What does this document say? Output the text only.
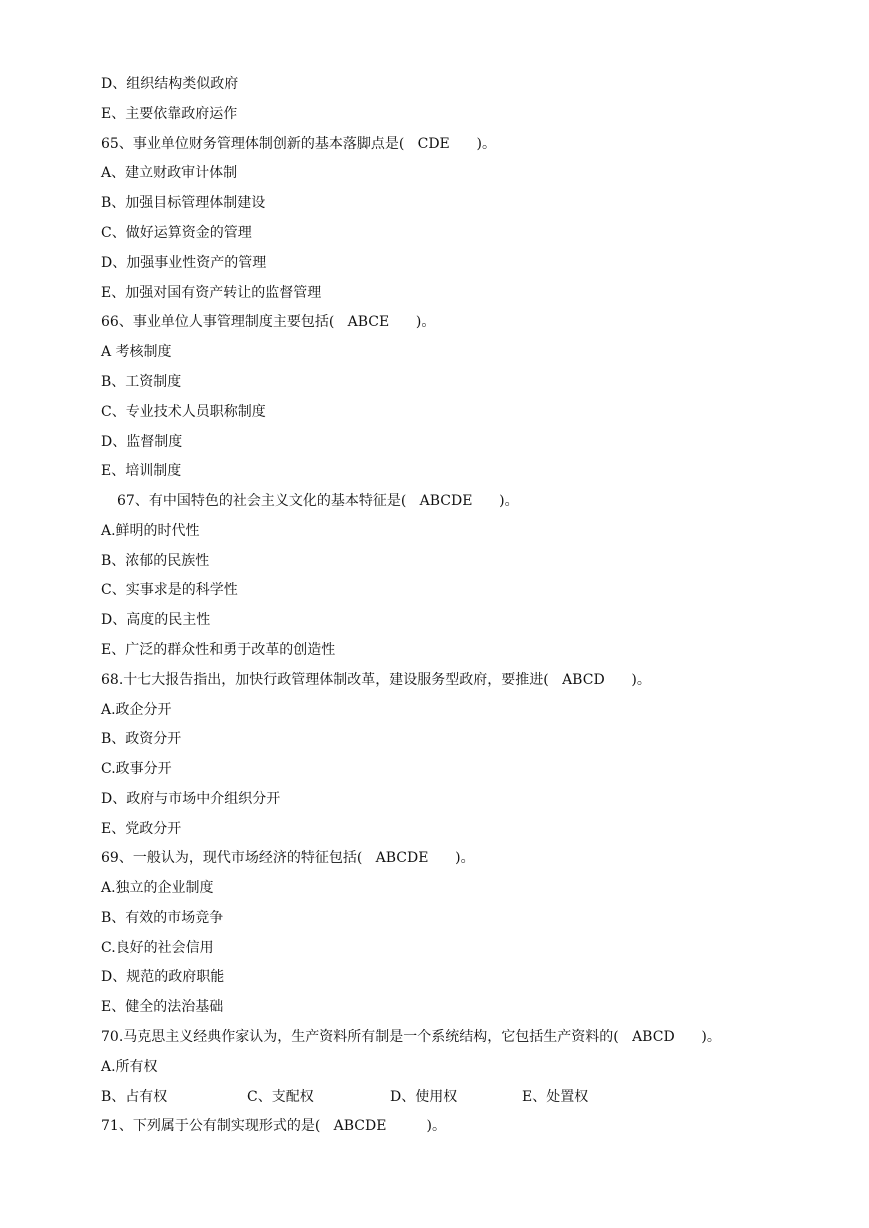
D、组织结构类似政府
E、主要依靠政府运作
65、事业单位财务管理体制创新的基本落脚点是(   CDE      )。
A、建立财政审计体制
B、加强目标管理体制建设
C、做好运算资金的管理
D、加强事业性资产的管理
E、加强对国有资产转让的监督管理
66、事业单位人事管理制度主要包括(   ABCE      )。
A 考核制度
B、工资制度
C、专业技术人员职称制度
D、监督制度
E、培训制度
67、有中国特色的社会主义文化的基本特征是(   ABCDE      )。
A.鲜明的时代性
B、浓郁的民族性
C、实事求是的科学性
D、高度的民主性
E、广泛的群众性和勇于改革的创造性
68.十七大报告指出，加快行政管理体制改革，建设服务型政府，要推进(   ABCD      )。
A.政企分开
B、政资分开
C.政事分开
D、政府与市场中介组织分开
E、党政分开
69、一般认为，现代市场经济的特征包括(   ABCDE      )。
A.独立的企业制度
B、有效的市场竞争
C.良好的社会信用
D、规范的政府职能
E、健全的法治基础
70.马克思主义经典作家认为，生产资料所有制是一个系统结构，它包括生产资料的(   ABCD      )。
A.所有权
B、占有权	C、支配权	D、使用权	E、处置权
71、下列属于公有制实现形式的是(   ABCDE         )。
